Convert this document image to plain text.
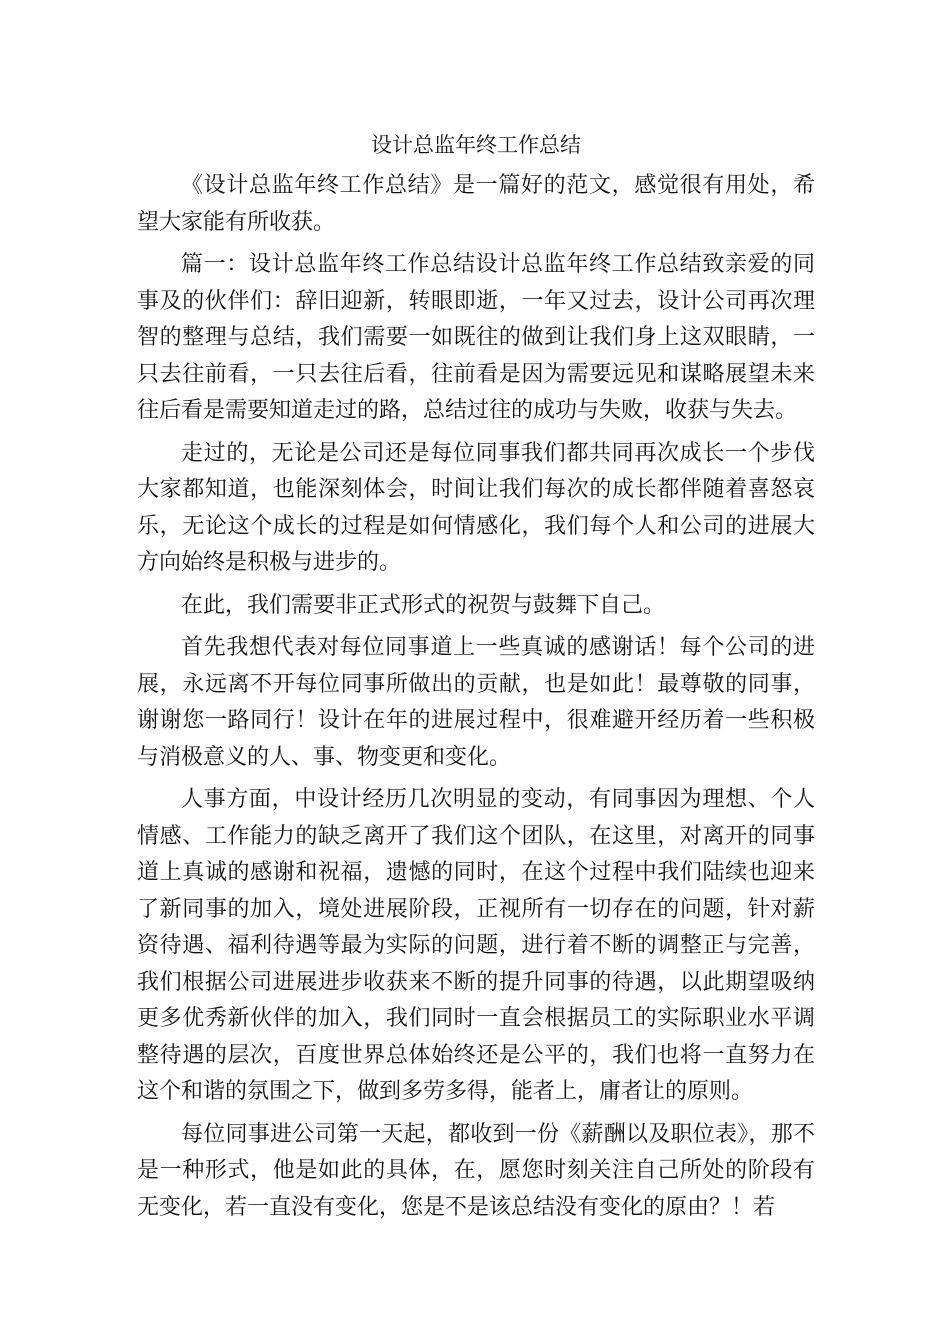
设计总监年终工作总结

《设计总监年终工作总结》是一篇好的范文，感觉很有用处，希望大家能有所收获。

篇一：设计总监年终工作总结设计总监年终工作总结致亲爱的同事及的伙伴们：辞旧迎新，转眼即逝，一年又过去，设计公司再次理智的整理与总结，我们需要一如既往的做到让我们身上这双眼睛，一只去往前看，一只去往后看，往前看是因为需要远见和谋略展望未来往后看是需要知道走过的路，总结过往的成功与失败，收获与失去。

走过的，无论是公司还是每位同事我们都共同再次成长一个步伐大家都知道，也能深刻体会，时间让我们每次的成长都伴随着喜怒哀乐，无论这个成长的过程是如何情感化，我们每个人和公司的进展大方向始终是积极与进步的。

在此，我们需要非正式形式的祝贺与鼓舞下自己。

首先我想代表对每位同事道上一些真诚的感谢话！每个公司的进展，永远离不开每位同事所做出的贡献，也是如此！最尊敬的同事，谢谢您一路同行！设计在年的进展过程中，很难避开经历着一些积极与消极意义的人、事、物变更和变化。

人事方面，中设计经历几次明显的变动，有同事因为理想、个人情感、工作能力的缺乏离开了我们这个团队，在这里，对离开的同事道上真诚的感谢和祝福，遗憾的同时，在这个过程中我们陆续也迎来了新同事的加入，境处进展阶段，正视所有一切存在的问题，针对薪资待遇、福利待遇等最为实际的问题，进行着不断的调整正与完善，我们根据公司进展进步收获来不断的提升同事的待遇，以此期望吸纳更多优秀新伙伴的加入，我们同时一直会根据员工的实际职业水平调整待遇的层次，百度世界总体始终还是公平的，我们也将一直努力在这个和谐的氛围之下，做到多劳多得，能者上，庸者让的原则。

每位同事进公司第一天起，都收到一份《薪酬以及职位表》，那不是一种形式，他是如此的具体，在，愿您时刻关注自己所处的阶段有无变化，若一直没有变化，您是不是该总结没有变化的原由？！若
